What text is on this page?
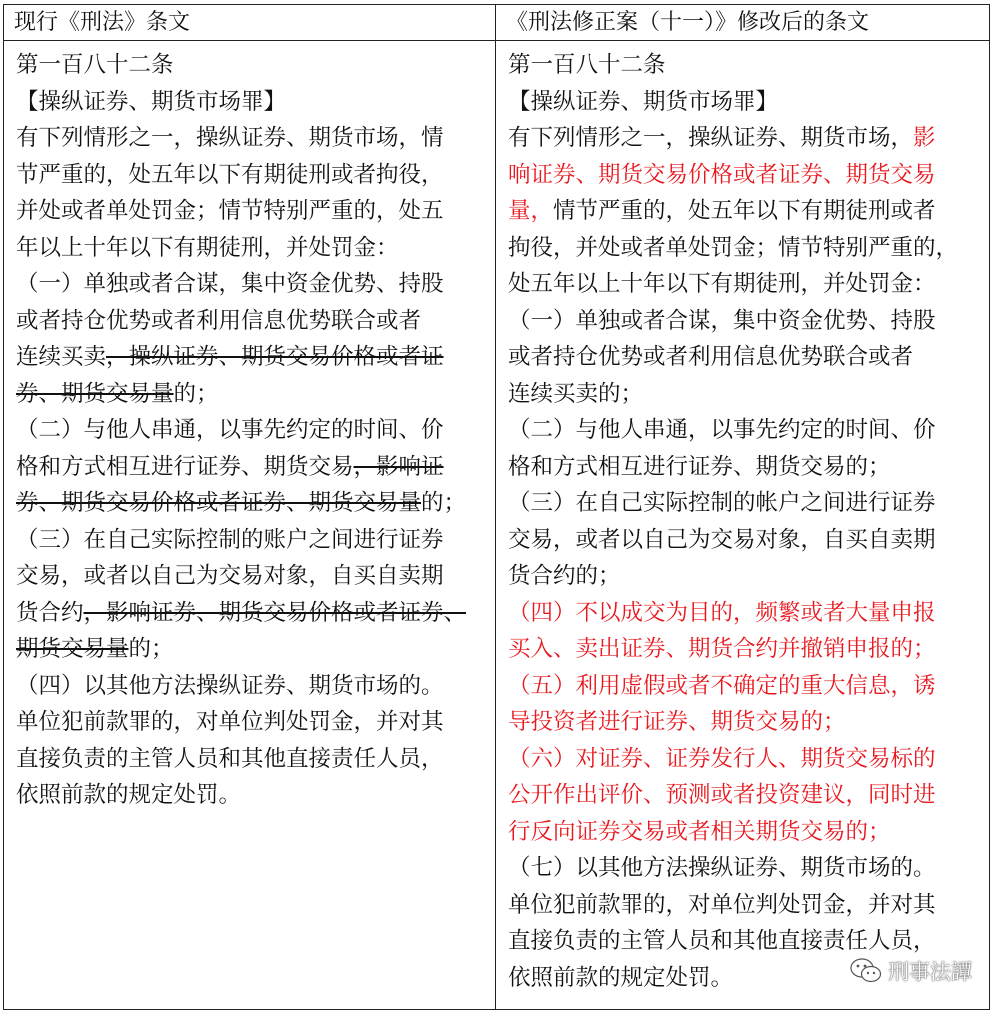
现行《刑法》条文	《刑法修正案（十一）》修改后的条文
第一百八十二条
【操纵证券、期货市场罪】
有下列情形之一，操纵证券、期货市场，情
节严重的，处五年以下有期徒刑或者拘役，
并处或者单处罚金；情节特别严重的，处五
年以上十年以下有期徒刑，并处罚金：
（一）单独或者合谋，集中资金优势、持股
或者持仓优势或者利用信息优势联合或者
连续买卖，操纵证券、期货交易价格或者证
券、期货交易量的；
（二）与他人串通，以事先约定的时间、价
格和方式相互进行证券、期货交易，影响证
券、期货交易价格或者证券、期货交易量的；
（三）在自己实际控制的账户之间进行证券
交易，或者以自己为交易对象，自买自卖期
货合约，影响证券、期货交易价格或者证券、
期货交易量的；
（四）以其他方法操纵证券、期货市场的。
单位犯前款罪的，对单位判处罚金，并对其
直接负责的主管人员和其他直接责任人员，
依照前款的规定处罚。
第一百八十二条
【操纵证券、期货市场罪】
有下列情形之一，操纵证券、期货市场，影
响证券、期货交易价格或者证券、期货交易
量，情节严重的，处五年以下有期徒刑或者
拘役，并处或者单处罚金；情节特别严重的，
处五年以上十年以下有期徒刑，并处罚金：
（一）单独或者合谋，集中资金优势、持股
或者持仓优势或者利用信息优势联合或者
连续买卖的；
（二）与他人串通，以事先约定的时间、价
格和方式相互进行证券、期货交易的；
（三）在自己实际控制的帐户之间进行证券
交易，或者以自己为交易对象，自买自卖期
货合约的；
（四）不以成交为目的，频繁或者大量申报
买入、卖出证券、期货合约并撤销申报的；
（五）利用虚假或者不确定的重大信息，诱
导投资者进行证券、期货交易的；
（六）对证券、证券发行人、期货交易标的
公开作出评价、预测或者投资建议，同时进
行反向证券交易或者相关期货交易的；
（七）以其他方法操纵证券、期货市场的。
单位犯前款罪的，对单位判处罚金，并对其
直接负责的主管人员和其他直接责任人员，
依照前款的规定处罚。	刑事法譚
